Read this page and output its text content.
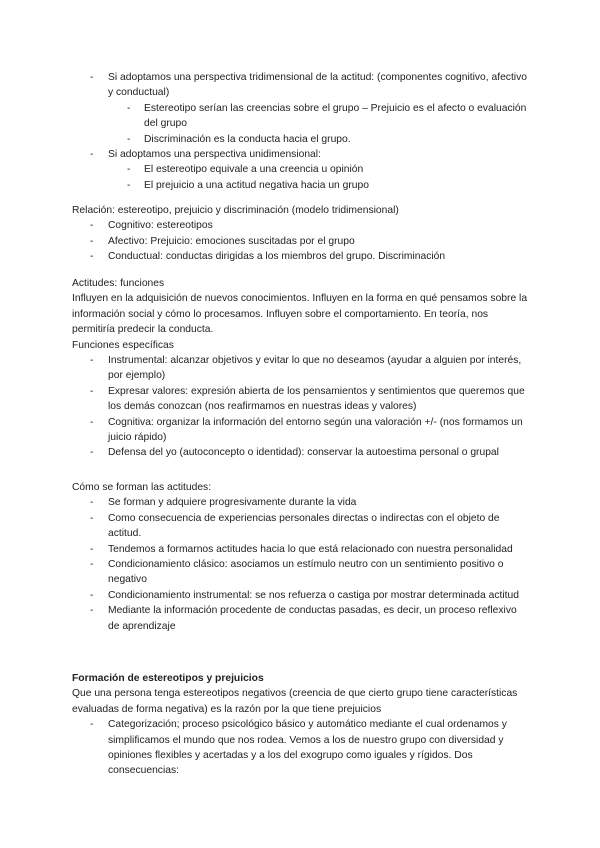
- Si adoptamos una perspectiva tridimensional de la actitud: (componentes cognitivo, afectivo y conductual)
- Estereotipo serían las creencias sobre el grupo – Prejuicio es el afecto o evaluación del grupo
- Discriminación es la conducta hacia el grupo.
- Si adoptamos una perspectiva unidimensional:
- El estereotipo equivale a una creencia u opinión
- El prejuicio a una actitud negativa hacia un grupo

Relación: estereotipo, prejuicio y discriminación (modelo tridimensional)

- Cognitivo: estereotipos
- Afectivo: Prejuicio: emociones suscitadas por el grupo
- Conductual: conductas dirigidas a los miembros del grupo. Discriminación

Actitudes: funciones

Influyen en la adquisición de nuevos conocimientos. Influyen en la forma en qué pensamos sobre la información social y cómo lo procesamos. Influyen sobre el comportamiento. En teoría, nos permitiría predecir la conducta.

Funciones específicas

- Instrumental: alcanzar objetivos y evitar lo que no deseamos (ayudar a alguien por interés, por ejemplo)
- Expresar valores: expresión abierta de los pensamientos y sentimientos que queremos que los demás conozcan (nos reafirmamos en nuestras ideas y valores)
- Cognitiva: organizar la información del entorno según una valoración +/- (nos formamos un juicio rápido)
- Defensa del yo (autoconcepto o identidad): conservar la autoestima personal o grupal

Cómo se forman las actitudes:

- Se forman y adquiere progresivamente durante la vida
- Como consecuencia de experiencias personales directas o indirectas con el objeto de actitud.
- Tendemos a formarnos actitudes hacia lo que está relacionado con nuestra personalidad
- Condicionamiento clásico: asociamos un estímulo neutro con un sentimiento positivo o negativo
- Condicionamiento instrumental: se nos refuerza o castiga por mostrar determinada actitud
- Mediante la información procedente de conductas pasadas, es decir, un proceso reflexivo de aprendizaje

Formación de estereotipos y prejuicios

Que una persona tenga estereotipos negativos (creencia de que cierto grupo tiene características evaluadas de forma negativa) es la razón por la que tiene prejuicios

- Categorización; proceso psicológico básico y automático mediante el cual ordenamos y simplificamos el mundo que nos rodea. Vemos a los de nuestro grupo con diversidad y opiniones flexibles y acertadas y a los del exogrupo como iguales y rígidos. Dos consecuencias:
